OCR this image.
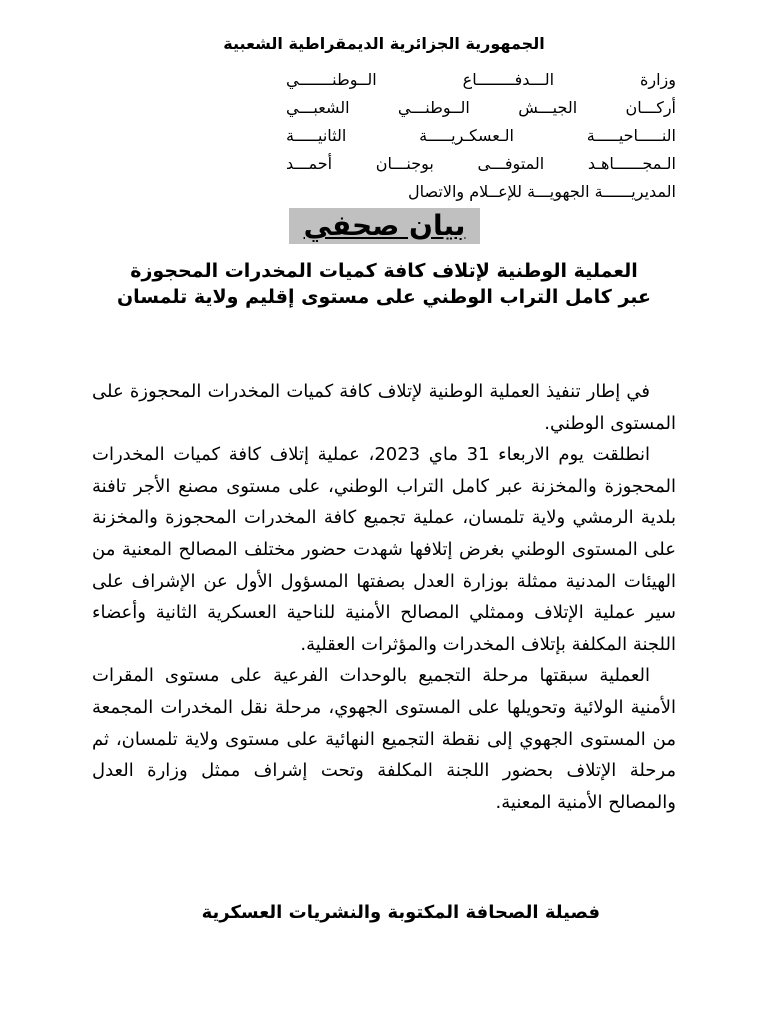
الجمهورية الجزائرية الديمقراطية الشعبية
وزارة الـــدفــــــــاع الــوطنـــــــي
أركـــان الجيـــش الــوطنـــي الشعبـــي
النـــــاحيـــــة الـعسكـريـــــة الثانيـــــة
الـمجــــــاهـد المتوفـــى بوجنـــان أحمـــد
المديريــــــة الجهويـــة للإعــلام والاتصال
بيان صحفي
العملية الوطنية لإتلاف كافة كميات المخدرات المحجوزة
عبر كامل التراب الوطني على مستوى إقليم ولاية تلمسان

في إطار تنفيذ العملية الوطنية لإتلاف كافة كميات المخدرات المحجوزة على المستوى الوطني.

انطلقت يوم الاربعاء 31 ماي 2023، عملية إتلاف كافة كميات المخدرات المحجوزة والمخزنة عبر كامل التراب الوطني، على مستوى مصنع الأجر تافنة بلدية الرمشي ولاية تلمسان، عملية تجميع كافة المخدرات المحجوزة والمخزنة على المستوى الوطني بغرض إتلافها شهدت حضور مختلف المصالح المعنية من الهيئات المدنية ممثلة بوزارة العدل بصفتها المسؤول الأول عن الإشراف على سير عملية الإتلاف وممثلي المصالح الأمنية للناحية العسكرية الثانية وأعضاء اللجنة المكلفة بإتلاف المخدرات والمؤثرات العقلية.

العملية سبقتها مرحلة التجميع بالوحدات الفرعية على مستوى المقرات الأمنية الولائية وتحويلها على المستوى الجهوي، مرحلة نقل المخدرات المجمعة من المستوى الجهوي إلى نقطة التجميع النهائية على مستوى ولاية تلمسان، ثم مرحلة الإتلاف بحضور اللجنة المكلفة وتحت إشراف ممثل وزارة العدل والمصالح الأمنية المعنية.

فصيلة الصحافة المكتوبة والنشريات العسكرية
